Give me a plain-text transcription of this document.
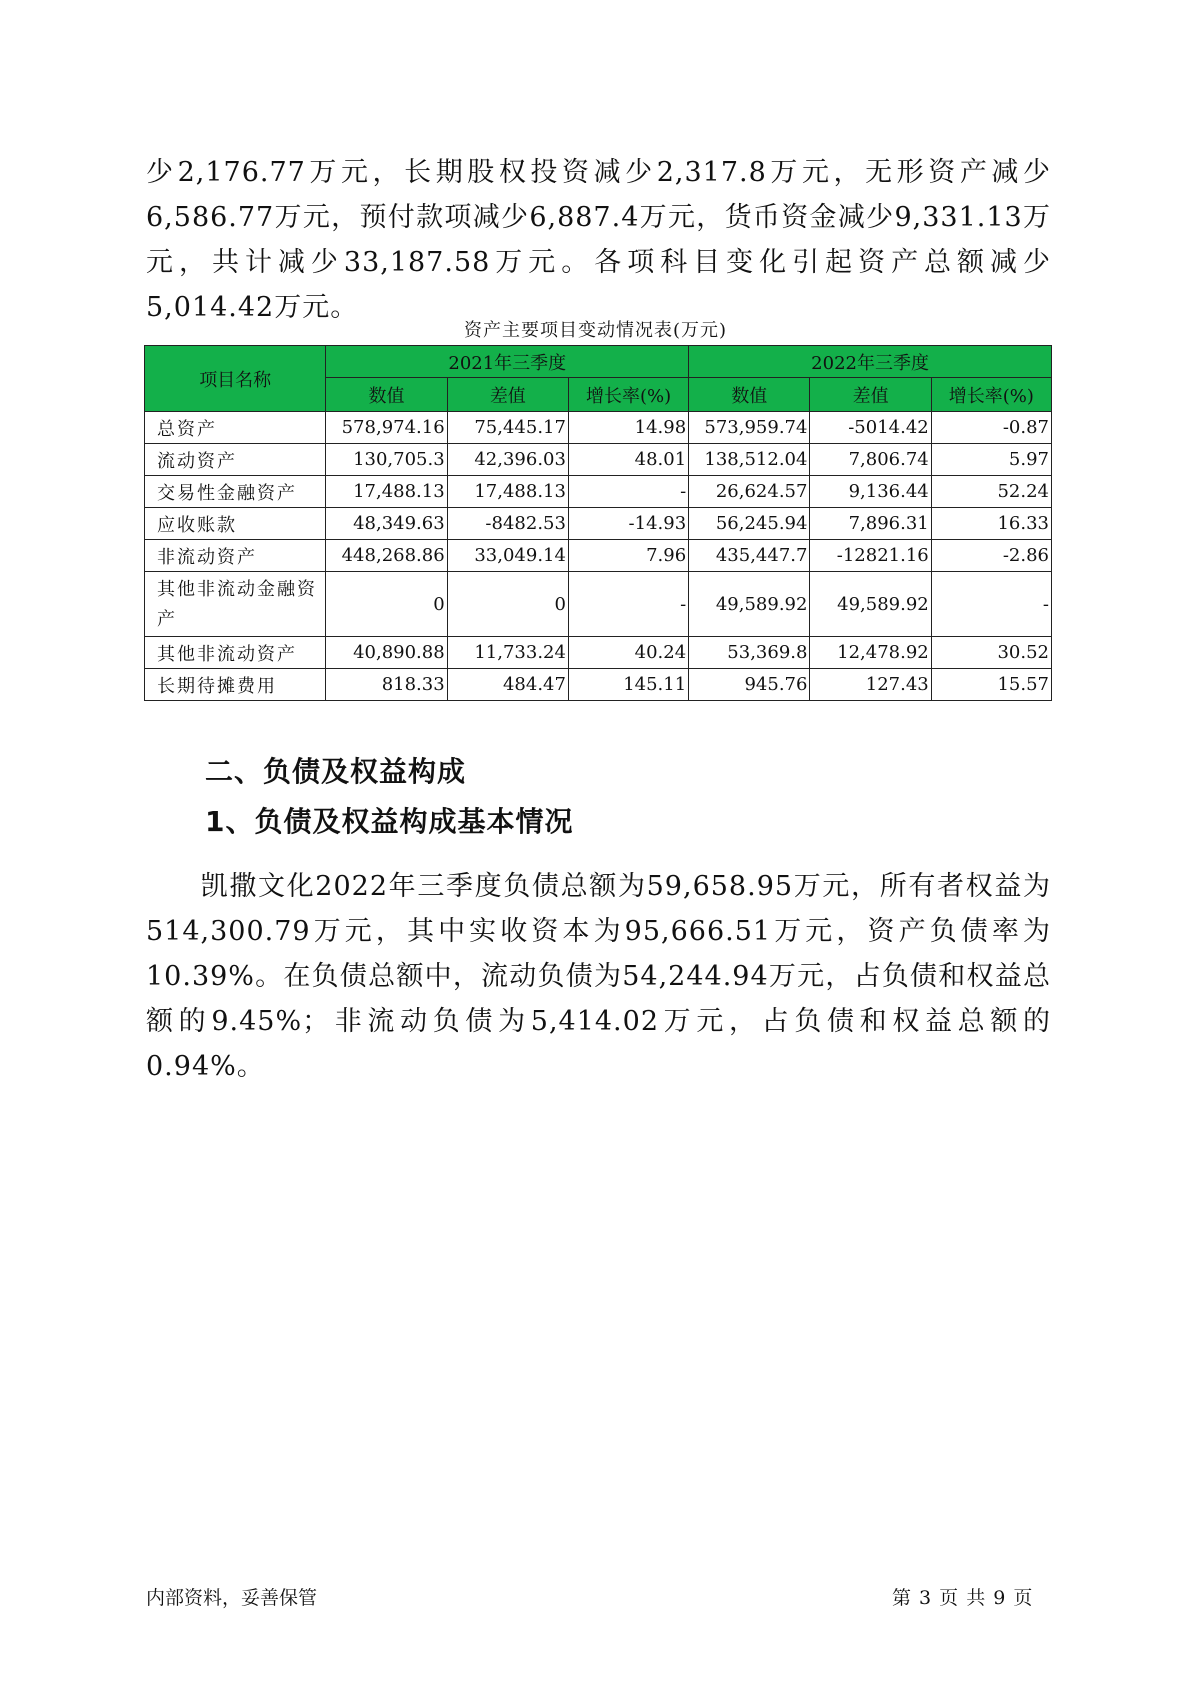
少2,176.77万元，长期股权投资减少2,317.8万元，无形资产减少6,586.77万元，预付款项减少6,887.4万元，货币资金减少9,331.13万元，共计减少33,187.58万元。各项科目变化引起资产总额减少5,014.42万元。

资产主要项目变动情况表(万元)
项目名称	2021年三季度			2022年三季度		
	数值	差值	增长率(%)	数值	差值	增长率(%)
总资产	578,974.16	75,445.17	14.98	573,959.74	-5014.42	-0.87
流动资产	130,705.3	42,396.03	48.01	138,512.04	7,806.74	5.97
交易性金融资产	17,488.13	17,488.13	-	26,624.57	9,136.44	52.24
应收账款	48,349.63	-8482.53	-14.93	56,245.94	7,896.31	16.33
非流动资产	448,268.86	33,049.14	7.96	435,447.7	-12821.16	-2.86
其他非流动金融资产	0	0	-	49,589.92	49,589.92	-
其他非流动资产	40,890.88	11,733.24	40.24	53,369.8	12,478.92	30.52
长期待摊费用	818.33	484.47	145.11	945.76	127.43	15.57
二、负债及权益构成
1、负债及权益构成基本情况

凯撒文化2022年三季度负债总额为59,658.95万元，所有者权益为514,300.79万元，其中实收资本为95,666.51万元，资产负债率为10.39%。在负债总额中，流动负债为54,244.94万元，占负债和权益总额的9.45%；非流动负债为5,414.02万元，占负债和权益总额的0.94%。

内部资料，妥善保管	第 3 页 共 9 页
